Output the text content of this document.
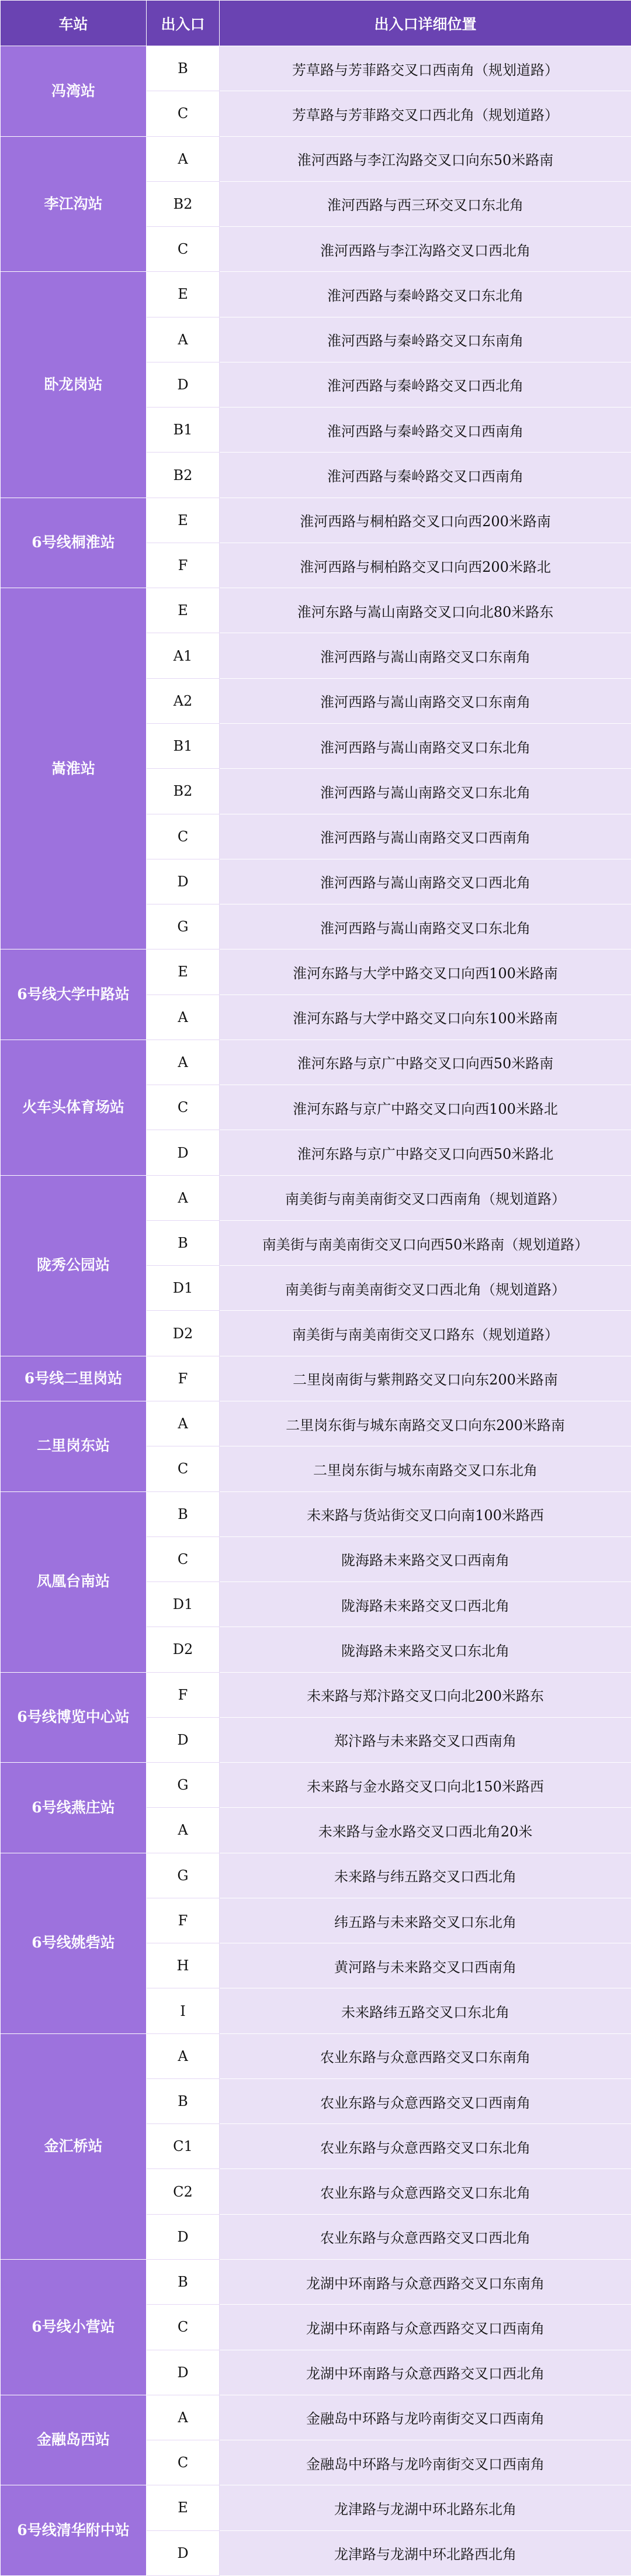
车站	出入口	出入口详细位置
冯湾站	B	芳草路与芳菲路交叉口西南角（规划道路）
	C	芳草路与芳菲路交叉口西北角（规划道路）
李江沟站	A	淮河西路与李江沟路交叉口向东50米路南
	B2	淮河西路与西三环交叉口东北角
	C	淮河西路与李江沟路交叉口西北角
卧龙岗站	E	淮河西路与秦岭路交叉口东北角
	A	淮河西路与秦岭路交叉口东南角
	D	淮河西路与秦岭路交叉口西北角
	B1	淮河西路与秦岭路交叉口西南角
	B2	淮河西路与秦岭路交叉口西南角
6号线桐淮站	E	淮河西路与桐柏路交叉口向西200米路南
	F	淮河西路与桐柏路交叉口向西200米路北
嵩淮站	E	淮河东路与嵩山南路交叉口向北80米路东
	A1	淮河西路与嵩山南路交叉口东南角
	A2	淮河西路与嵩山南路交叉口东南角
	B1	淮河西路与嵩山南路交叉口东北角
	B2	淮河西路与嵩山南路交叉口东北角
	C	淮河西路与嵩山南路交叉口西南角
	D	淮河西路与嵩山南路交叉口西北角
	G	淮河西路与嵩山南路交叉口东北角
6号线大学中路站	E	淮河东路与大学中路交叉口向西100米路南
	A	淮河东路与大学中路交叉口向东100米路南
火车头体育场站	A	淮河东路与京广中路交叉口向西50米路南
	C	淮河东路与京广中路交叉口向西100米路北
	D	淮河东路与京广中路交叉口向西50米路北
陇秀公园站	A	南美街与南美南街交叉口西南角（规划道路）
	B	南美街与南美南街交叉口向西50米路南（规划道路）
	D1	南美街与南美南街交叉口西北角（规划道路）
	D2	南美街与南美南街交叉口路东（规划道路）
6号线二里岗站	F	二里岗南街与紫荆路交叉口向东200米路南
二里岗东站	A	二里岗东街与城东南路交叉口向东200米路南
	C	二里岗东街与城东南路交叉口东北角
凤凰台南站	B	未来路与货站街交叉口向南100米路西
	C	陇海路未来路交叉口西南角
	D1	陇海路未来路交叉口西北角
	D2	陇海路未来路交叉口东北角
6号线博览中心站	F	未来路与郑汴路交叉口向北200米路东
	D	郑汴路与未来路交叉口西南角
6号线燕庄站	G	未来路与金水路交叉口向北150米路西
	A	未来路与金水路交叉口西北角20米
6号线姚砦站	G	未来路与纬五路交叉口西北角
	F	纬五路与未来路交叉口东北角
	H	黄河路与未来路交叉口西南角
	I	未来路纬五路交叉口东北角
金汇桥站	A	农业东路与众意西路交叉口东南角
	B	农业东路与众意西路交叉口西南角
	C1	农业东路与众意西路交叉口东北角
	C2	农业东路与众意西路交叉口东北角
	D	农业东路与众意西路交叉口西北角
6号线小营站	B	龙湖中环南路与众意西路交叉口东南角
	C	龙湖中环南路与众意西路交叉口西南角
	D	龙湖中环南路与众意西路交叉口西北角
金融岛西站	A	金融岛中环路与龙吟南街交叉口西南角
	C	金融岛中环路与龙吟南街交叉口西南角
6号线清华附中站	E	龙津路与龙湖中环北路东北角
	D	龙津路与龙湖中环北路西北角
